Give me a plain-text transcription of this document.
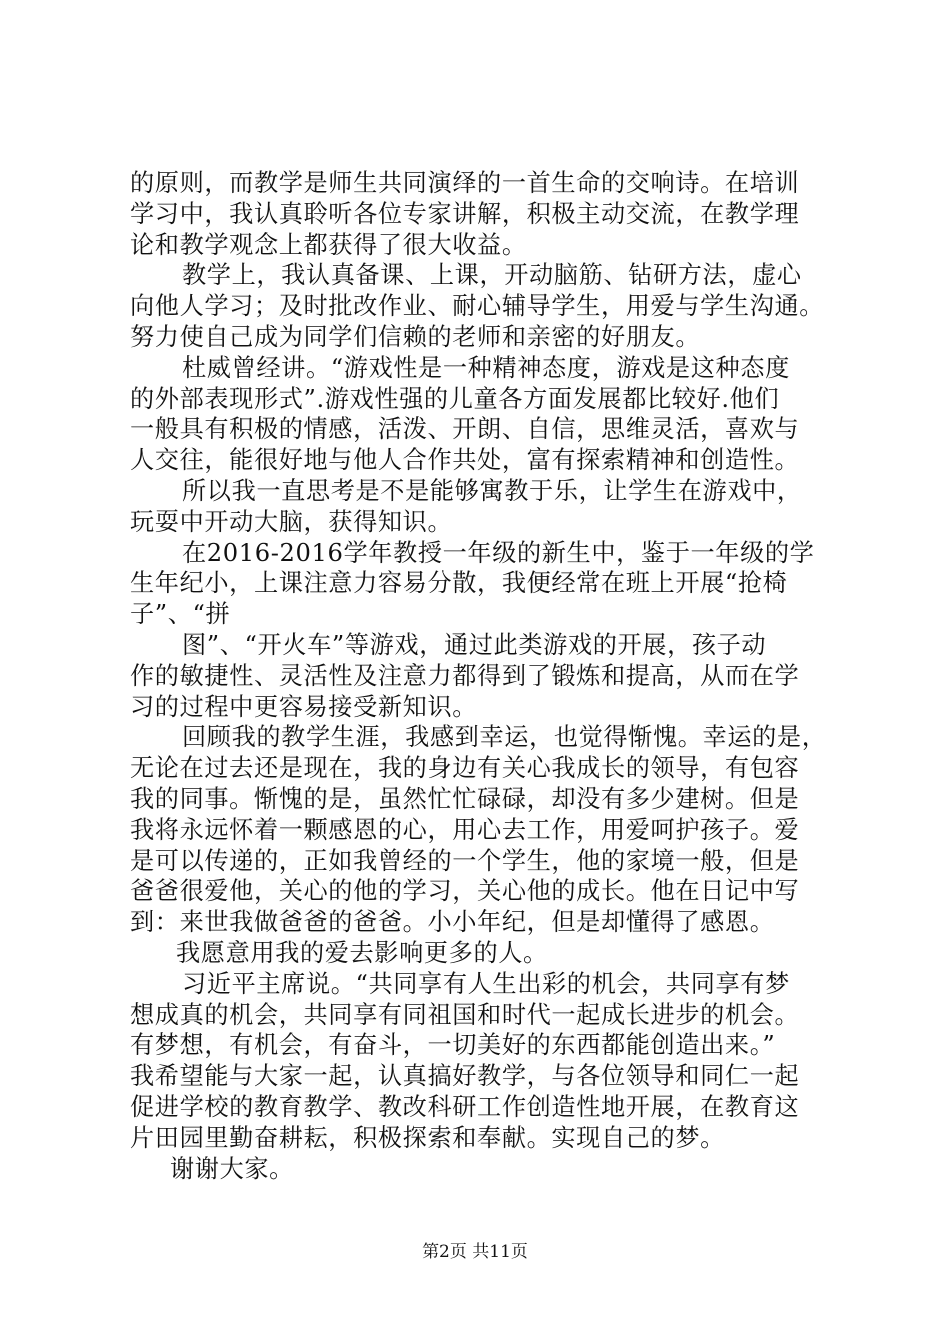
的原则，而教学是师生共同演绎的一首生命的交响诗。在培训
学习中，我认真聆听各位专家讲解，积极主动交流，在教学理
论和教学观念上都获得了很大收益。
教学上，我认真备课、上课，开动脑筋、钻研方法，虚心
向他人学习；及时批改作业、耐心辅导学生，用爱与学生沟通。
努力使自己成为同学们信赖的老师和亲密的好朋友。
杜威曾经讲。“游戏性是一种精神态度，游戏是这种态度
的外部表现形式”.游戏性强的儿童各方面发展都比较好.他们
一般具有积极的情感，活泼、开朗、自信，思维灵活，喜欢与
人交往，能很好地与他人合作共处，富有探索精神和创造性。
所以我一直思考是不是能够寓教于乐，让学生在游戏中，
玩耍中开动大脑，获得知识。
在2016-2016学年教授一年级的新生中，鉴于一年级的学
生年纪小，上课注意力容易分散，我便经常在班上开展“抢椅
子”、“拼
图”、“开火车”等游戏，通过此类游戏的开展，孩子动
作的敏捷性、灵活性及注意力都得到了锻炼和提高，从而在学
习的过程中更容易接受新知识。
回顾我的教学生涯，我感到幸运，也觉得惭愧。幸运的是，
无论在过去还是现在，我的身边有关心我成长的领导，有包容
我的同事。惭愧的是，虽然忙忙碌碌，却没有多少建树。但是
我将永远怀着一颗感恩的心，用心去工作，用爱呵护孩子。爱
是可以传递的，正如我曾经的一个学生，他的家境一般，但是
爸爸很爱他，关心的他的学习，关心他的成长。他在日记中写
到：来世我做爸爸的爸爸。小小年纪，但是却懂得了感恩。
我愿意用我的爱去影响更多的人。
习近平主席说。“共同享有人生出彩的机会，共同享有梦
想成真的机会，共同享有同祖国和时代一起成长进步的机会。
有梦想，有机会，有奋斗，一切美好的东西都能创造出来。”
我希望能与大家一起，认真搞好教学，与各位领导和同仁一起
促进学校的教育教学、教改科研工作创造性地开展，在教育这
片田园里勤奋耕耘，积极探索和奉献。实现自己的梦。
谢谢大家。
第2页 共11页
